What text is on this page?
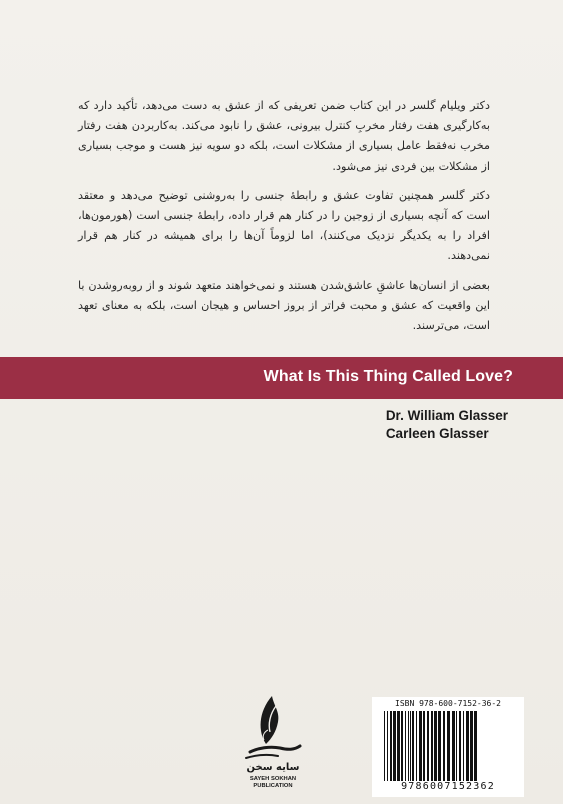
دکتر ویلیام گلسر در این کتاب ضمن تعریفی که از عشق به دست می‌دهد، تأکید دارد که به‌کارگیری هفت رفتار مخربِ کنترل بیرونی، عشق را نابود می‌کند. به‌کاربردن هفت رفتار مخرب نه‌فقط عامل بسیاری از مشکلات است، بلکه دو سویه نیز هست و موجب بسیاری از مشکلات بین فردی نیز می‌شود.

دکتر گلسر همچنین تفاوت عشق و رابطهٔ جنسی را به‌روشنی توضیح می‌دهد و معتقد است که آنچه بسیاری از زوجین را در کنار هم قرار داده، رابطهٔ جنسی است (هورمون‌ها، افراد را به یکدیگر نزدیک می‌کنند)، اما لزوماً آن‌ها را برای همیشه در کنار هم قرار نمی‌دهند.

بعضی از انسان‌ها عاشقِ عاشق‌شدن هستند و نمی‌خواهند متعهد شوند و از روبه‌روشدن با این واقعیت که عشق و محبت فراتر از بروز احساس و هیجان است، بلکه به معنای تعهد است، می‌ترسند.

What Is This Thing Called Love?
Dr. William Glasser
Carleen Glasser
سایه سخن
SAYEH SOKHAN
PUBLICATION
ISBN 978-600-7152-36-2
9786007152362
